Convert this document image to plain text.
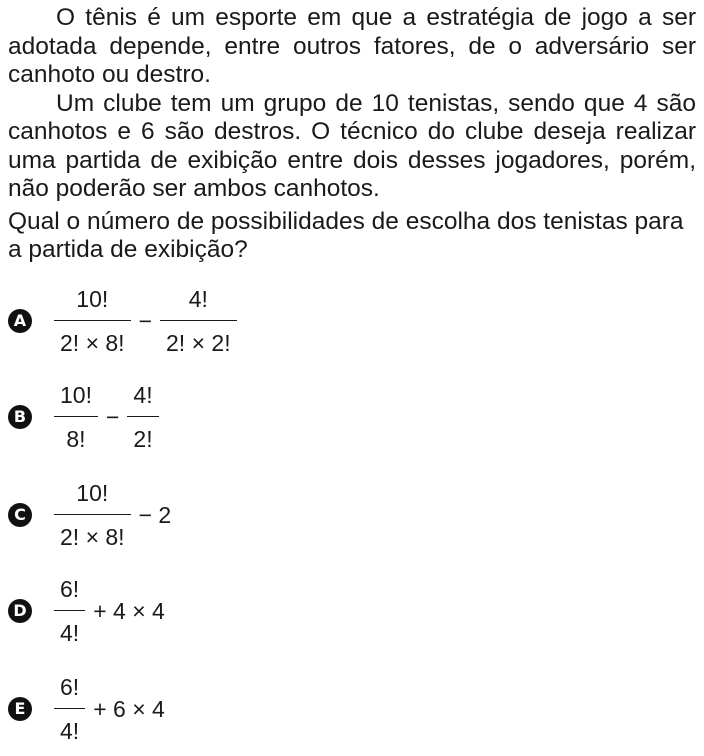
O tênis é um esporte em que a estratégia de jogo a ser adotada depende, entre outros fatores, de o adversário ser canhoto ou destro.

Um clube tem um grupo de 10 tenistas, sendo que 4 são canhotos e 6 são destros. O técnico do clube deseja realizar uma partida de exibição entre dois desses jogadores, porém, não poderão ser ambos canhotos.

Qual o número de possibilidades de escolha dos tenistas para a partida de exibição?

A $\frac{10!}{2! \times 8!} - \frac{4!}{2! \times 2!}$
B $\frac{10!}{8!} - \frac{4!}{2!}$
C $\frac{10!}{2! \times 8!} - 2$
D $\frac{6!}{4!} + 4 \times 4$
E $\frac{6!}{4!} + 6 \times 4$
